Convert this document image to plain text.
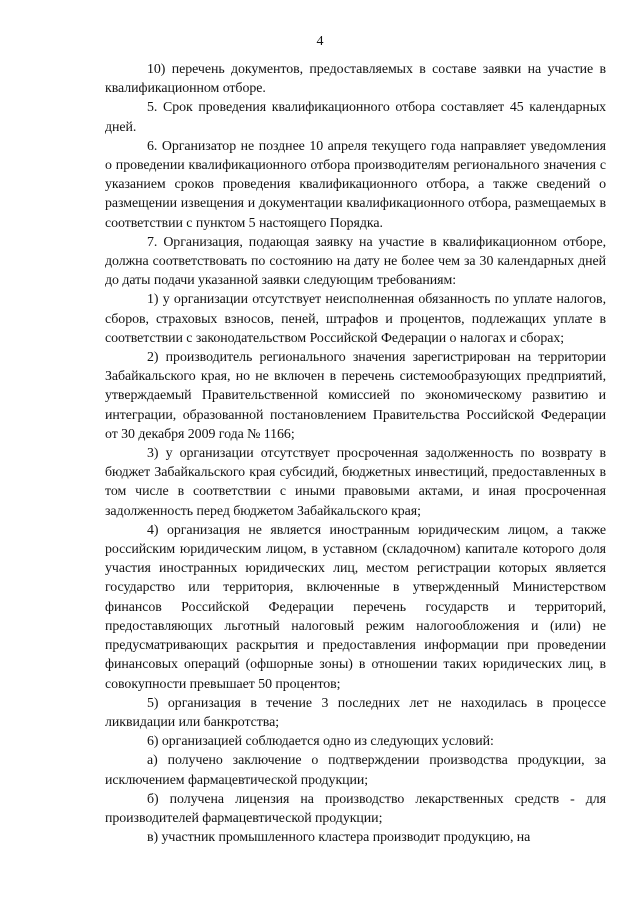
4

10) перечень документов, предоставляемых в составе заявки на участие в квалификационном отборе.

5. Срок проведения квалификационного отбора составляет 45 календарных дней.

6. Организатор не позднее 10 апреля текущего года направляет уведомления о проведении квалификационного отбора производителям регионального значения с указанием сроков проведения квалификационного отбора, а также сведений о размещении извещения и документации квалификационного отбора, размещаемых в соответствии с пунктом 5 настоящего Порядка.

7. Организация, подающая заявку на участие в квалификационном отборе, должна соответствовать по состоянию на дату не более чем за 30 календарных дней до даты подачи указанной заявки следующим требованиям:

1) у организации отсутствует неисполненная обязанность по уплате налогов, сборов, страховых взносов, пеней, штрафов и процентов, подлежащих уплате в соответствии с законодательством Российской Федерации о налогах и сборах;

2) производитель регионального значения зарегистрирован на территории Забайкальского края, но не включен в перечень системообразующих предприятий, утверждаемый Правительственной комиссией по экономическому развитию и интеграции, образованной постановлением Правительства Российской Федерации от 30 декабря 2009 года № 1166;

3) у организации отсутствует просроченная задолженность по возврату в бюджет Забайкальского края субсидий, бюджетных инвестиций, предоставленных в том числе в соответствии с иными правовыми актами, и иная просроченная задолженность перед бюджетом Забайкальского края;

4) организация не является иностранным юридическим лицом, а также российским юридическим лицом, в уставном (складочном) капитале которого доля участия иностранных юридических лиц, местом регистрации которых является государство или территория, включенные в утвержденный Министерством финансов Российской Федерации перечень государств и территорий, предоставляющих льготный налоговый режим налогообложения и (или) не предусматривающих раскрытия и предоставления информации при проведении финансовых операций (офшорные зоны) в отношении таких юридических лиц, в совокупности превышает 50 процентов;

5) организация в течение 3 последних лет не находилась в процессе ликвидации или банкротства;

6) организацией соблюдается одно из следующих условий:

а) получено заключение о подтверждении производства продукции, за исключением фармацевтической продукции;

б) получена лицензия на производство лекарственных средств - для производителей фармацевтической продукции;

в) участник промышленного кластера производит продукцию, на
